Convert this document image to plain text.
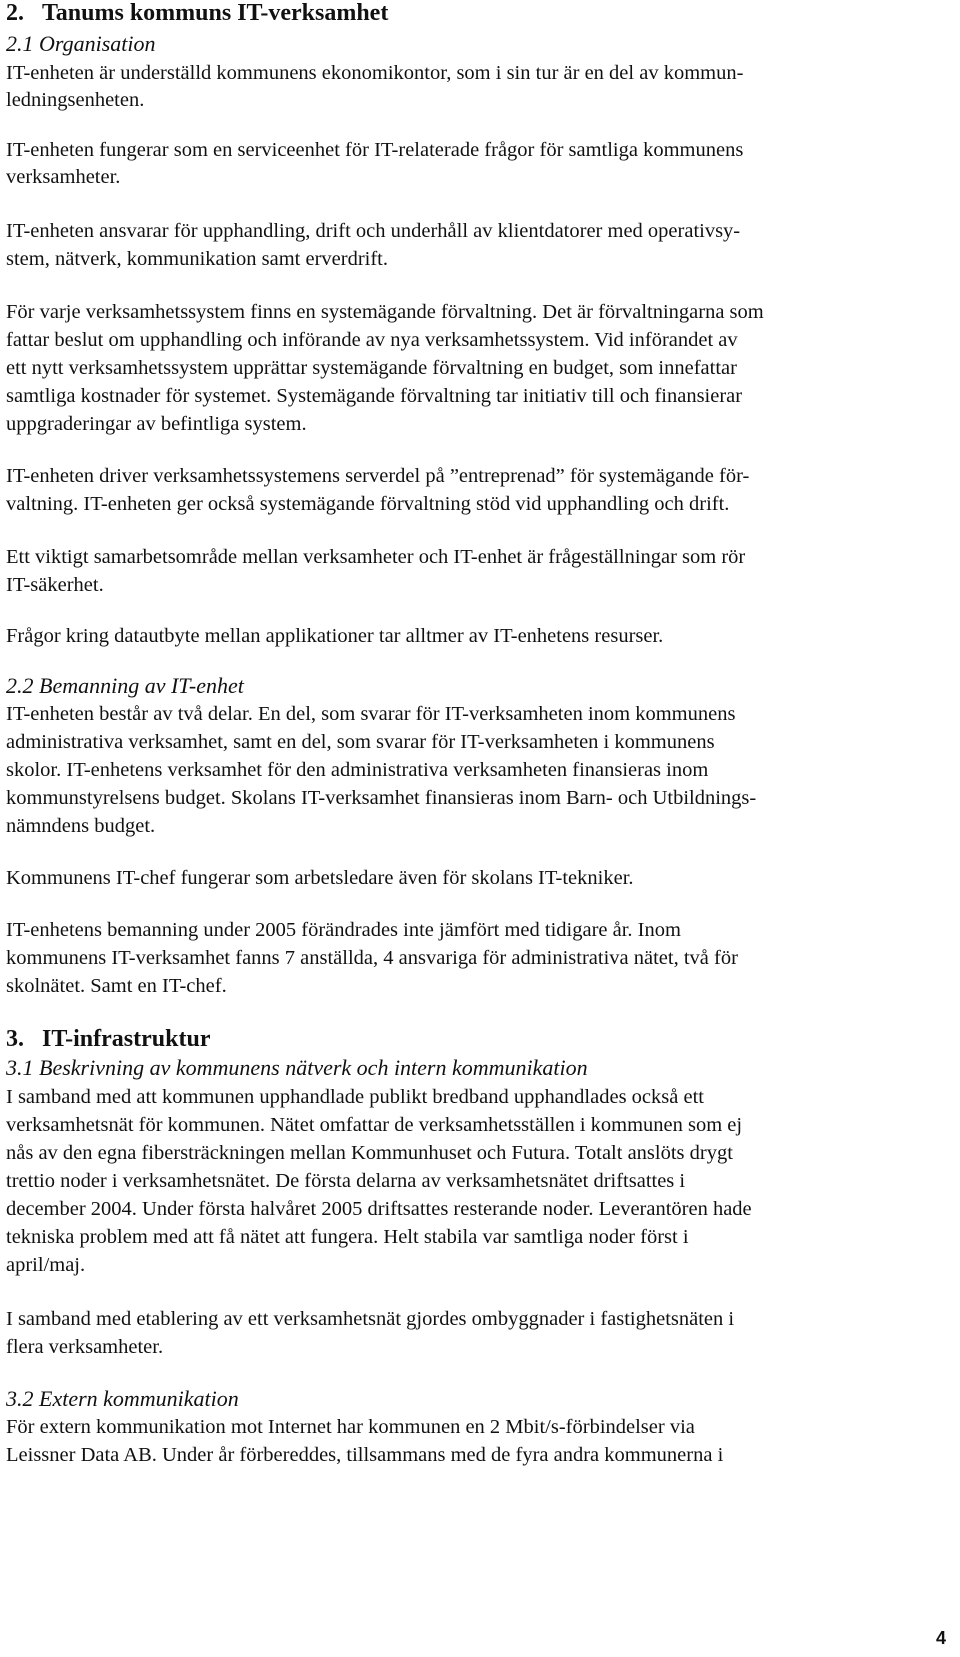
2. Tanums kommuns IT-verksamhet
2.1 Organisation
IT-enheten är underställd kommunens ekonomikontor, som i sin tur är en del av kommun-
ledningsenheten.
IT-enheten fungerar som en serviceenhet för IT-relaterade frågor för samtliga kommunens
verksamheter.
IT-enheten ansvarar för upphandling, drift och underhåll av klientdatorer med operativsy-
stem, nätverk, kommunikation samt erverdrift.
För varje verksamhetssystem finns en systemägande förvaltning. Det är förvaltningarna som
fattar beslut om upphandling och införande av nya verksamhetssystem. Vid införandet av
ett nytt verksamhetssystem upprättar systemägande förvaltning en budget, som innefattar
samtliga kostnader för systemet. Systemägande förvaltning tar initiativ till och finansierar
uppgraderingar av befintliga system.
IT-enheten driver verksamhetssystemens serverdel på ”entreprenad” för systemägande för-
valtning. IT-enheten ger också systemägande förvaltning stöd vid upphandling och drift.
Ett viktigt samarbetsområde mellan verksamheter och IT-enhet är frågeställningar som rör
IT-säkerhet.
Frågor kring datautbyte mellan applikationer tar alltmer av IT-enhetens resurser.
2.2 Bemanning av IT-enhet
IT-enheten består av två delar. En del, som svarar för IT-verksamheten inom kommunens
administrativa verksamhet, samt en del, som svarar för IT-verksamheten i kommunens
skolor. IT-enhetens verksamhet för den administrativa verksamheten finansieras inom
kommunstyrelsens budget. Skolans IT-verksamhet finansieras inom Barn- och Utbildnings-
nämndens budget.
Kommunens IT-chef fungerar som arbetsledare även för skolans IT-tekniker.
IT-enhetens bemanning under 2005 förändrades inte jämfört med tidigare år. Inom
kommunens IT-verksamhet fanns 7 anställda, 4 ansvariga för administrativa nätet, två för
skolnätet. Samt en IT-chef.
3. IT-infrastruktur
3.1 Beskrivning av kommunens nätverk och intern kommunikation
I samband med att kommunen upphandlade publikt bredband upphandlades också ett
verksamhetsnät för kommunen. Nätet omfattar de verksamhetsställen i kommunen som ej
nås av den egna fibersträckningen mellan Kommunhuset och Futura. Totalt anslöts drygt
trettio noder i verksamhetsnätet. De första delarna av verksamhetsnätet driftsattes i
december 2004. Under första halvåret 2005 driftsattes resterande noder. Leverantören hade
tekniska problem med att få nätet att fungera. Helt stabila var samtliga noder först i
april/maj.
I samband med etablering av ett verksamhetsnät gjordes ombyggnader i fastighetsnäten i
flera verksamheter.
3.2 Extern kommunikation
För extern kommunikation mot Internet har kommunen en 2 Mbit/s-förbindelser via
Leissner Data AB. Under år förbereddes, tillsammans med de fyra andra kommunerna i
4
